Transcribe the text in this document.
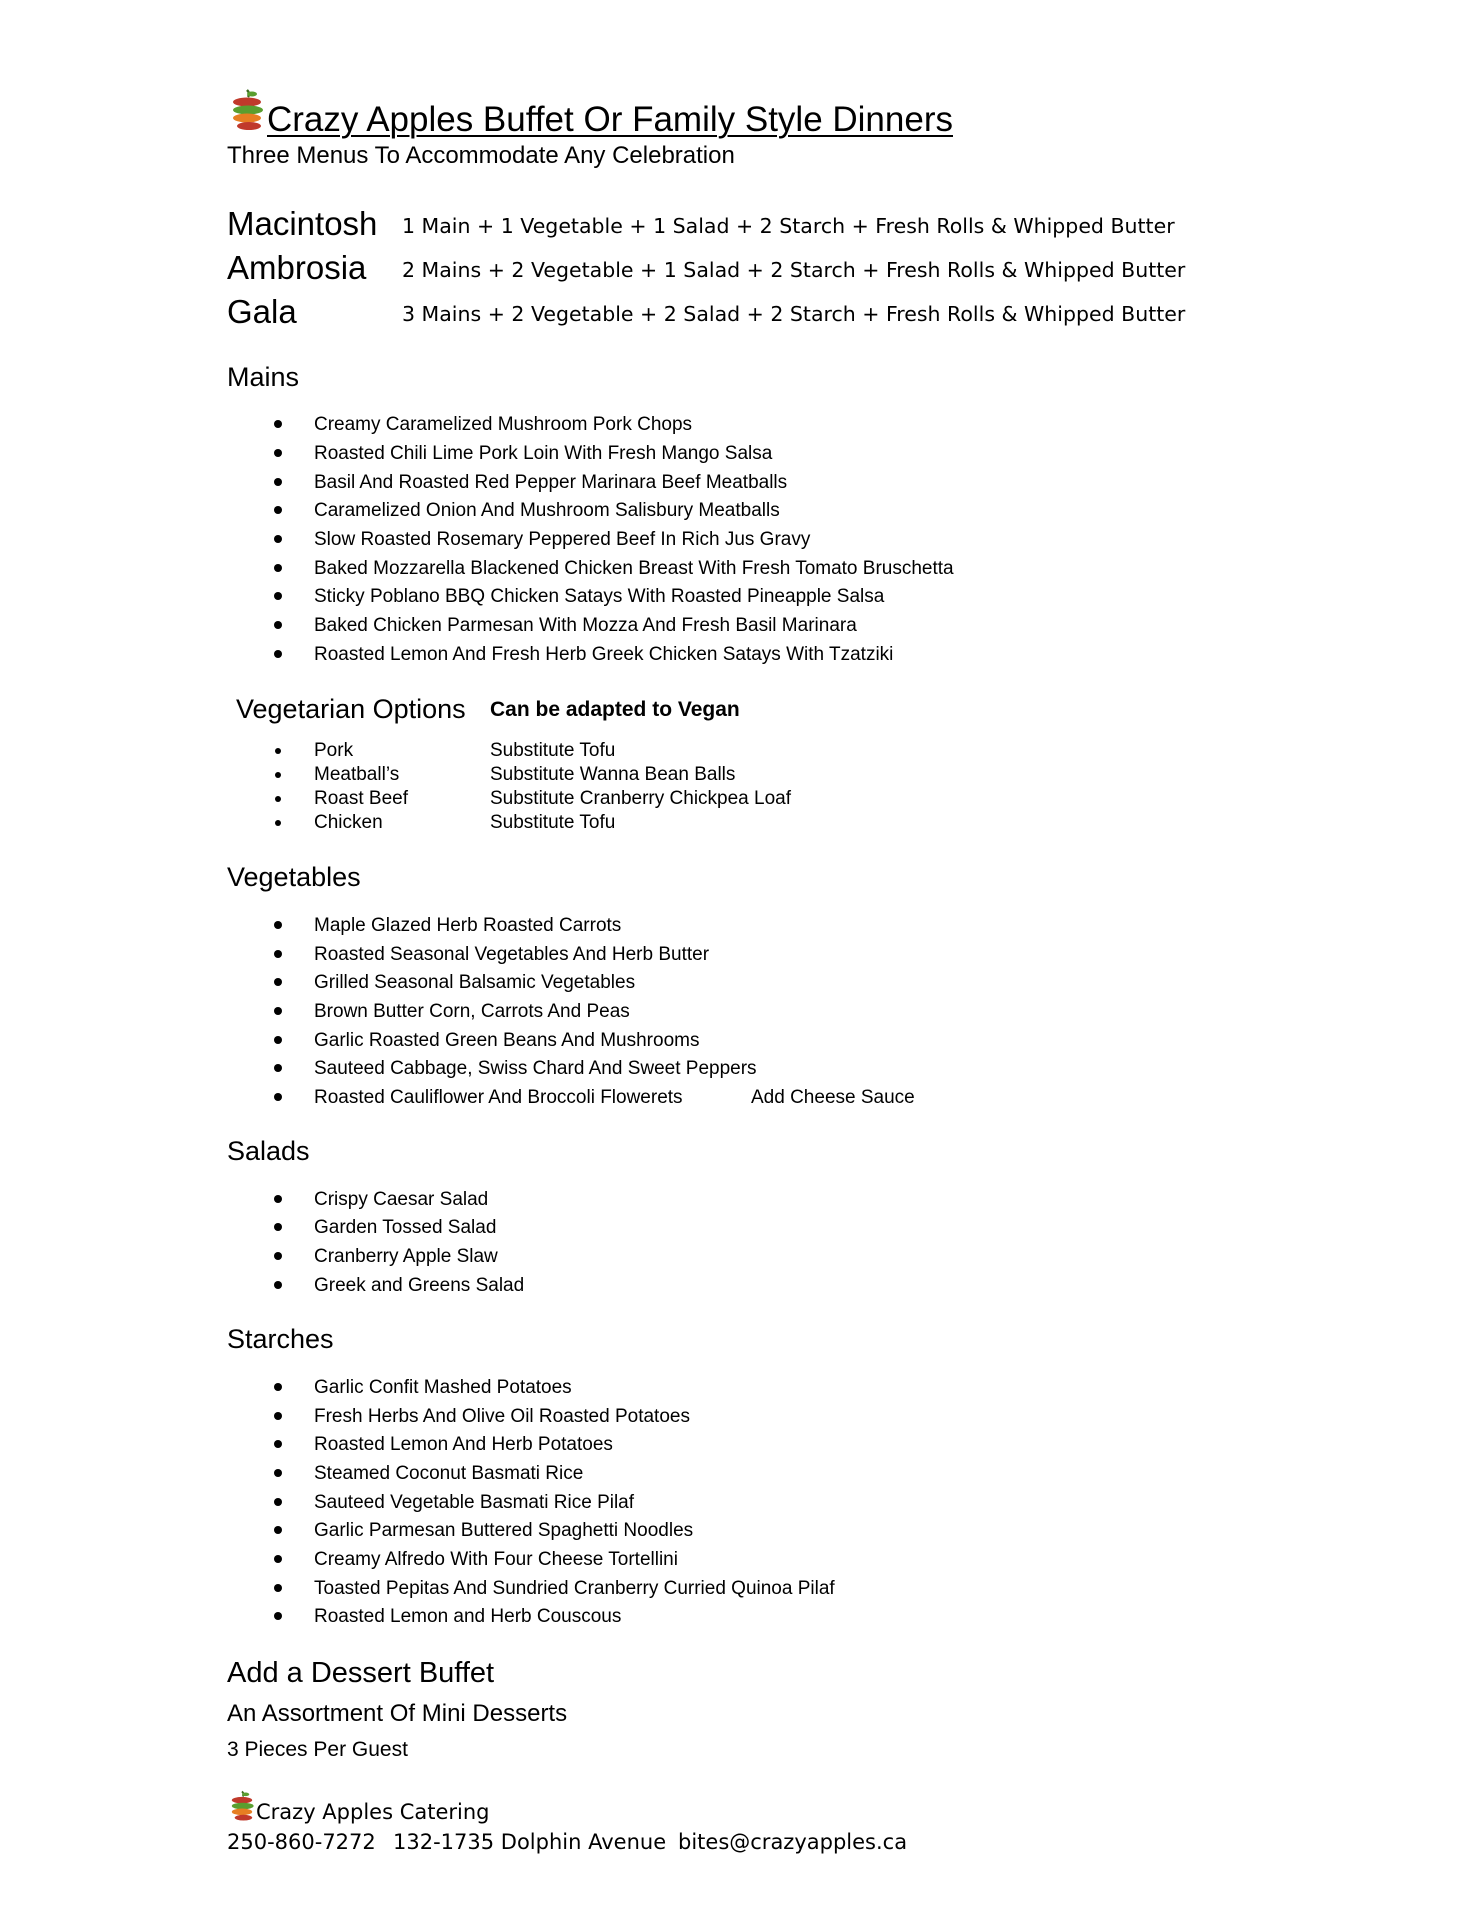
Crazy Apples Buffet Or Family Style Dinners
Three Menus To Accommodate Any Celebration
Macintosh 1 Main + 1 Vegetable + 1 Salad + 2 Starch + Fresh Rolls & Whipped Butter
Ambrosia 2 Mains + 2 Vegetable + 1 Salad + 2 Starch + Fresh Rolls & Whipped Butter
Gala	3 Mains + 2 Vegetable + 2 Salad + 2 Starch + Fresh Rolls & Whipped Butter
Mains
Creamy Caramelized Mushroom Pork Chops
Roasted Chili Lime Pork Loin With Fresh Mango Salsa
Basil And Roasted Red Pepper Marinara Beef Meatballs
Caramelized Onion And Mushroom Salisbury Meatballs
Slow Roasted Rosemary Peppered Beef In Rich Jus Gravy
Baked Mozzarella Blackened Chicken Breast With Fresh Tomato Bruschetta
Sticky Poblano BBQ Chicken Satays With Roasted Pineapple Salsa
Baked Chicken Parmesan With Mozza And Fresh Basil Marinara
Roasted Lemon And Fresh Herb Greek Chicken Satays With Tzatziki
Vegetarian Options Can be adapted to Vegan
Pork	Substitute Tofu
Meatball’s	Substitute Wanna Bean Balls
Roast Beef	Substitute Cranberry Chickpea Loaf
Chicken	Substitute Tofu
Vegetables
Maple Glazed Herb Roasted Carrots
Roasted Seasonal Vegetables And Herb Butter
Grilled Seasonal Balsamic Vegetables
Brown Butter Corn, Carrots And Peas
Garlic Roasted Green Beans And Mushrooms
Sauteed Cabbage, Swiss Chard And Sweet Peppers
Roasted Cauliflower And Broccoli Flowerets	Add Cheese Sauce
Salads
Crispy Caesar Salad
Garden Tossed Salad
Cranberry Apple Slaw
Greek and Greens Salad
Starches
Garlic Confit Mashed Potatoes
Fresh Herbs And Olive Oil Roasted Potatoes
Roasted Lemon And Herb Potatoes
Steamed Coconut Basmati Rice
Sauteed Vegetable Basmati Rice Pilaf
Garlic Parmesan Buttered Spaghetti Noodles
Creamy Alfredo With Four Cheese Tortellini
Toasted Pepitas And Sundried Cranberry Curried Quinoa Pilaf
Roasted Lemon and Herb Couscous
Add a Dessert Buffet
An Assortment Of Mini Desserts
3 Pieces Per Guest
Crazy Apples Catering
250-860-7272 132-1735 Dolphin Avenue bites@crazyapples.ca
